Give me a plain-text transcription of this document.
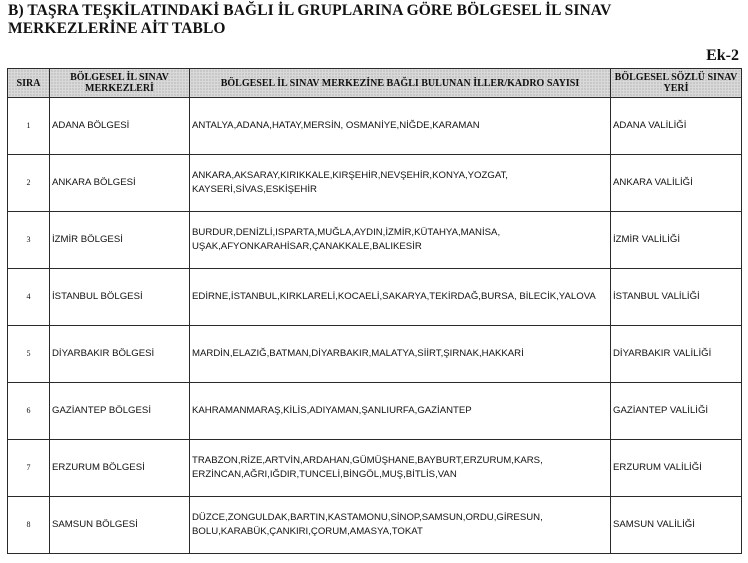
B) TAŞRA TEŞKİLATINDAKİ BAĞLI İL GRUPLARINA GÖRE BÖLGESEL İL SINAV MERKEZLERİNE AİT TABLO
Ek-2
SIRA	BÖLGESEL İL SINAV MERKEZLERİ	BÖLGESEL İL SINAV MERKEZİNE BAĞLI BULUNAN İLLER/KADRO SAYISI	BÖLGESEL SÖZLÜ SINAV YERİ
1	ADANA BÖLGESİ	ANTALYA,ADANA,HATAY,MERSİN, OSMANİYE,NİĞDE,KARAMAN	ADANA VALİLİĞİ
2	ANKARA BÖLGESİ	ANKARA,AKSARAY,KIRIKKALE,KIRŞEHİR,NEVŞEHİR,KONYA,YOZGAT, KAYSERİ,SİVAS,ESKİŞEHİR	ANKARA VALİLİĞİ
3	İZMİR BÖLGESİ	BURDUR,DENİZLİ,ISPARTA,MUĞLA,AYDIN,İZMİR,KÜTAHYA,MANİSA, UŞAK,AFYONKARAHİSAR,ÇANAKKALE,BALIKESİR	İZMİR VALİLİĞİ
4	İSTANBUL BÖLGESİ	EDİRNE,İSTANBUL,KIRKLARELİ,KOCAELİ,SAKARYA,TEKİRDAĞ,BURSA, BİLECİK,YALOVA	İSTANBUL VALİLİĞİ
5	DİYARBAKIR BÖLGESİ	MARDİN,ELAZIĞ,BATMAN,DİYARBAKIR,MALATYA,SİİRT,ŞIRNAK,HAKKARİ	DİYARBAKIR VALİLİĞİ
6	GAZİANTEP BÖLGESİ	KAHRAMANMARAŞ,KİLİS,ADIYAMAN,ŞANLIURFA,GAZİANTEP	GAZİANTEP VALİLİĞİ
7	ERZURUM BÖLGESİ	TRABZON,RİZE,ARTVİN,ARDAHAN,GÜMÜŞHANE,BAYBURT,ERZURUM,KARS, ERZİNCAN,AĞRI,IĞDIR,TUNCELİ,BİNGÖL,MUŞ,BİTLİS,VAN	ERZURUM VALİLİĞİ
8	SAMSUN BÖLGESİ	DÜZCE,ZONGULDAK,BARTIN,KASTAMONU,SİNOP,SAMSUN,ORDU,GİRESUN, BOLU,KARABÜK,ÇANKIRI,ÇORUM,AMASYA,TOKAT	SAMSUN VALİLİĞİ
